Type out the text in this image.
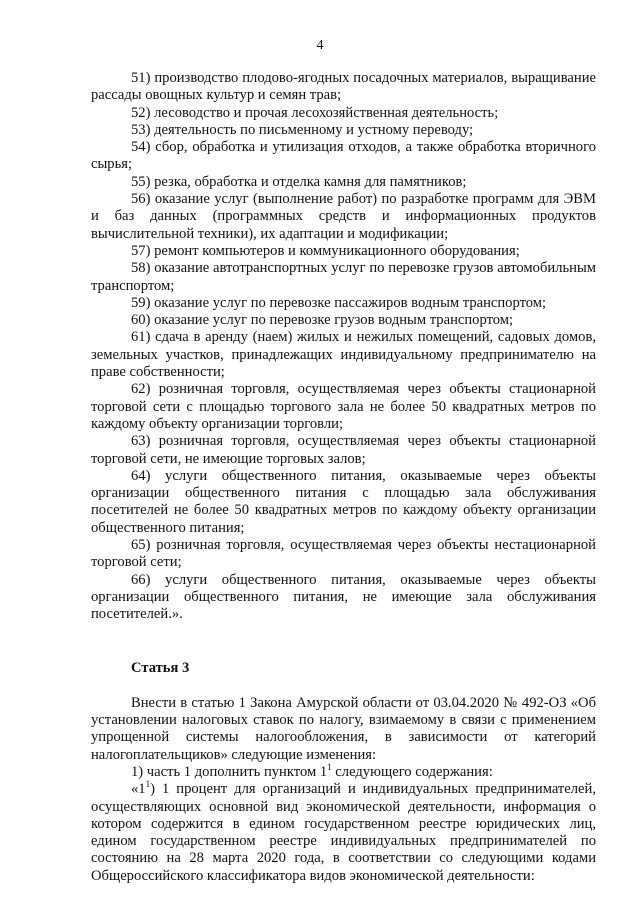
4

51) производство плодово-ягодных посадочных материалов, выращивание рассады овощных культур и семян трав;

52) лесоводство и прочая лесохозяйственная деятельность;

53) деятельность по письменному и устному переводу;

54) сбор, обработка и утилизация отходов, а также обработка вторичного сырья;

55) резка, обработка и отделка камня для памятников;

56) оказание услуг (выполнение работ) по разработке программ для ЭВМ и баз данных (программных средств и информационных продуктов вычислительной техники), их адаптации и модификации;

57) ремонт компьютеров и коммуникационного оборудования;

58) оказание автотранспортных услуг по перевозке грузов автомобильным транспортом;

59) оказание услуг по перевозке пассажиров водным транспортом;

60) оказание услуг по перевозке грузов водным транспортом;

61) сдача в аренду (наем) жилых и нежилых помещений, садовых домов, земельных участков, принадлежащих индивидуальному предпринимателю на праве собственности;

62) розничная торговля, осуществляемая через объекты стационарной торговой сети с площадью торгового зала не более 50 квадратных метров по каждому объекту организации торговли;

63) розничная торговля, осуществляемая через объекты стационарной торговой сети, не имеющие торговых залов;

64) услуги общественного питания, оказываемые через объекты организации общественного питания с площадью зала обслуживания посетителей не более 50 квадратных метров по каждому объекту организации общественного питания;

65) розничная торговля, осуществляемая через объекты нестационарной торговой сети;

66) услуги общественного питания, оказываемые через объекты организации общественного питания, не имеющие зала обслуживания посетителей.».

Статья 3

Внести в статью 1 Закона Амурской области от 03.04.2020 № 492-ОЗ «Об установлении налоговых ставок по налогу, взимаемому в связи с применением упрощенной системы налогообложения, в зависимости от категорий налогоплательщиков» следующие изменения:

1) часть 1 дополнить пунктом $1^1$ следующего содержания:

«$1^1$) 1 процент для организаций и индивидуальных предпринимателей, осуществляющих основной вид экономической деятельности, информация о котором содержится в едином государственном реестре юридических лиц, едином государственном реестре индивидуальных предпринимателей по состоянию на 28 марта 2020 года, в соответствии со следующими кодами Общероссийского классификатора видов экономической деятельности:
